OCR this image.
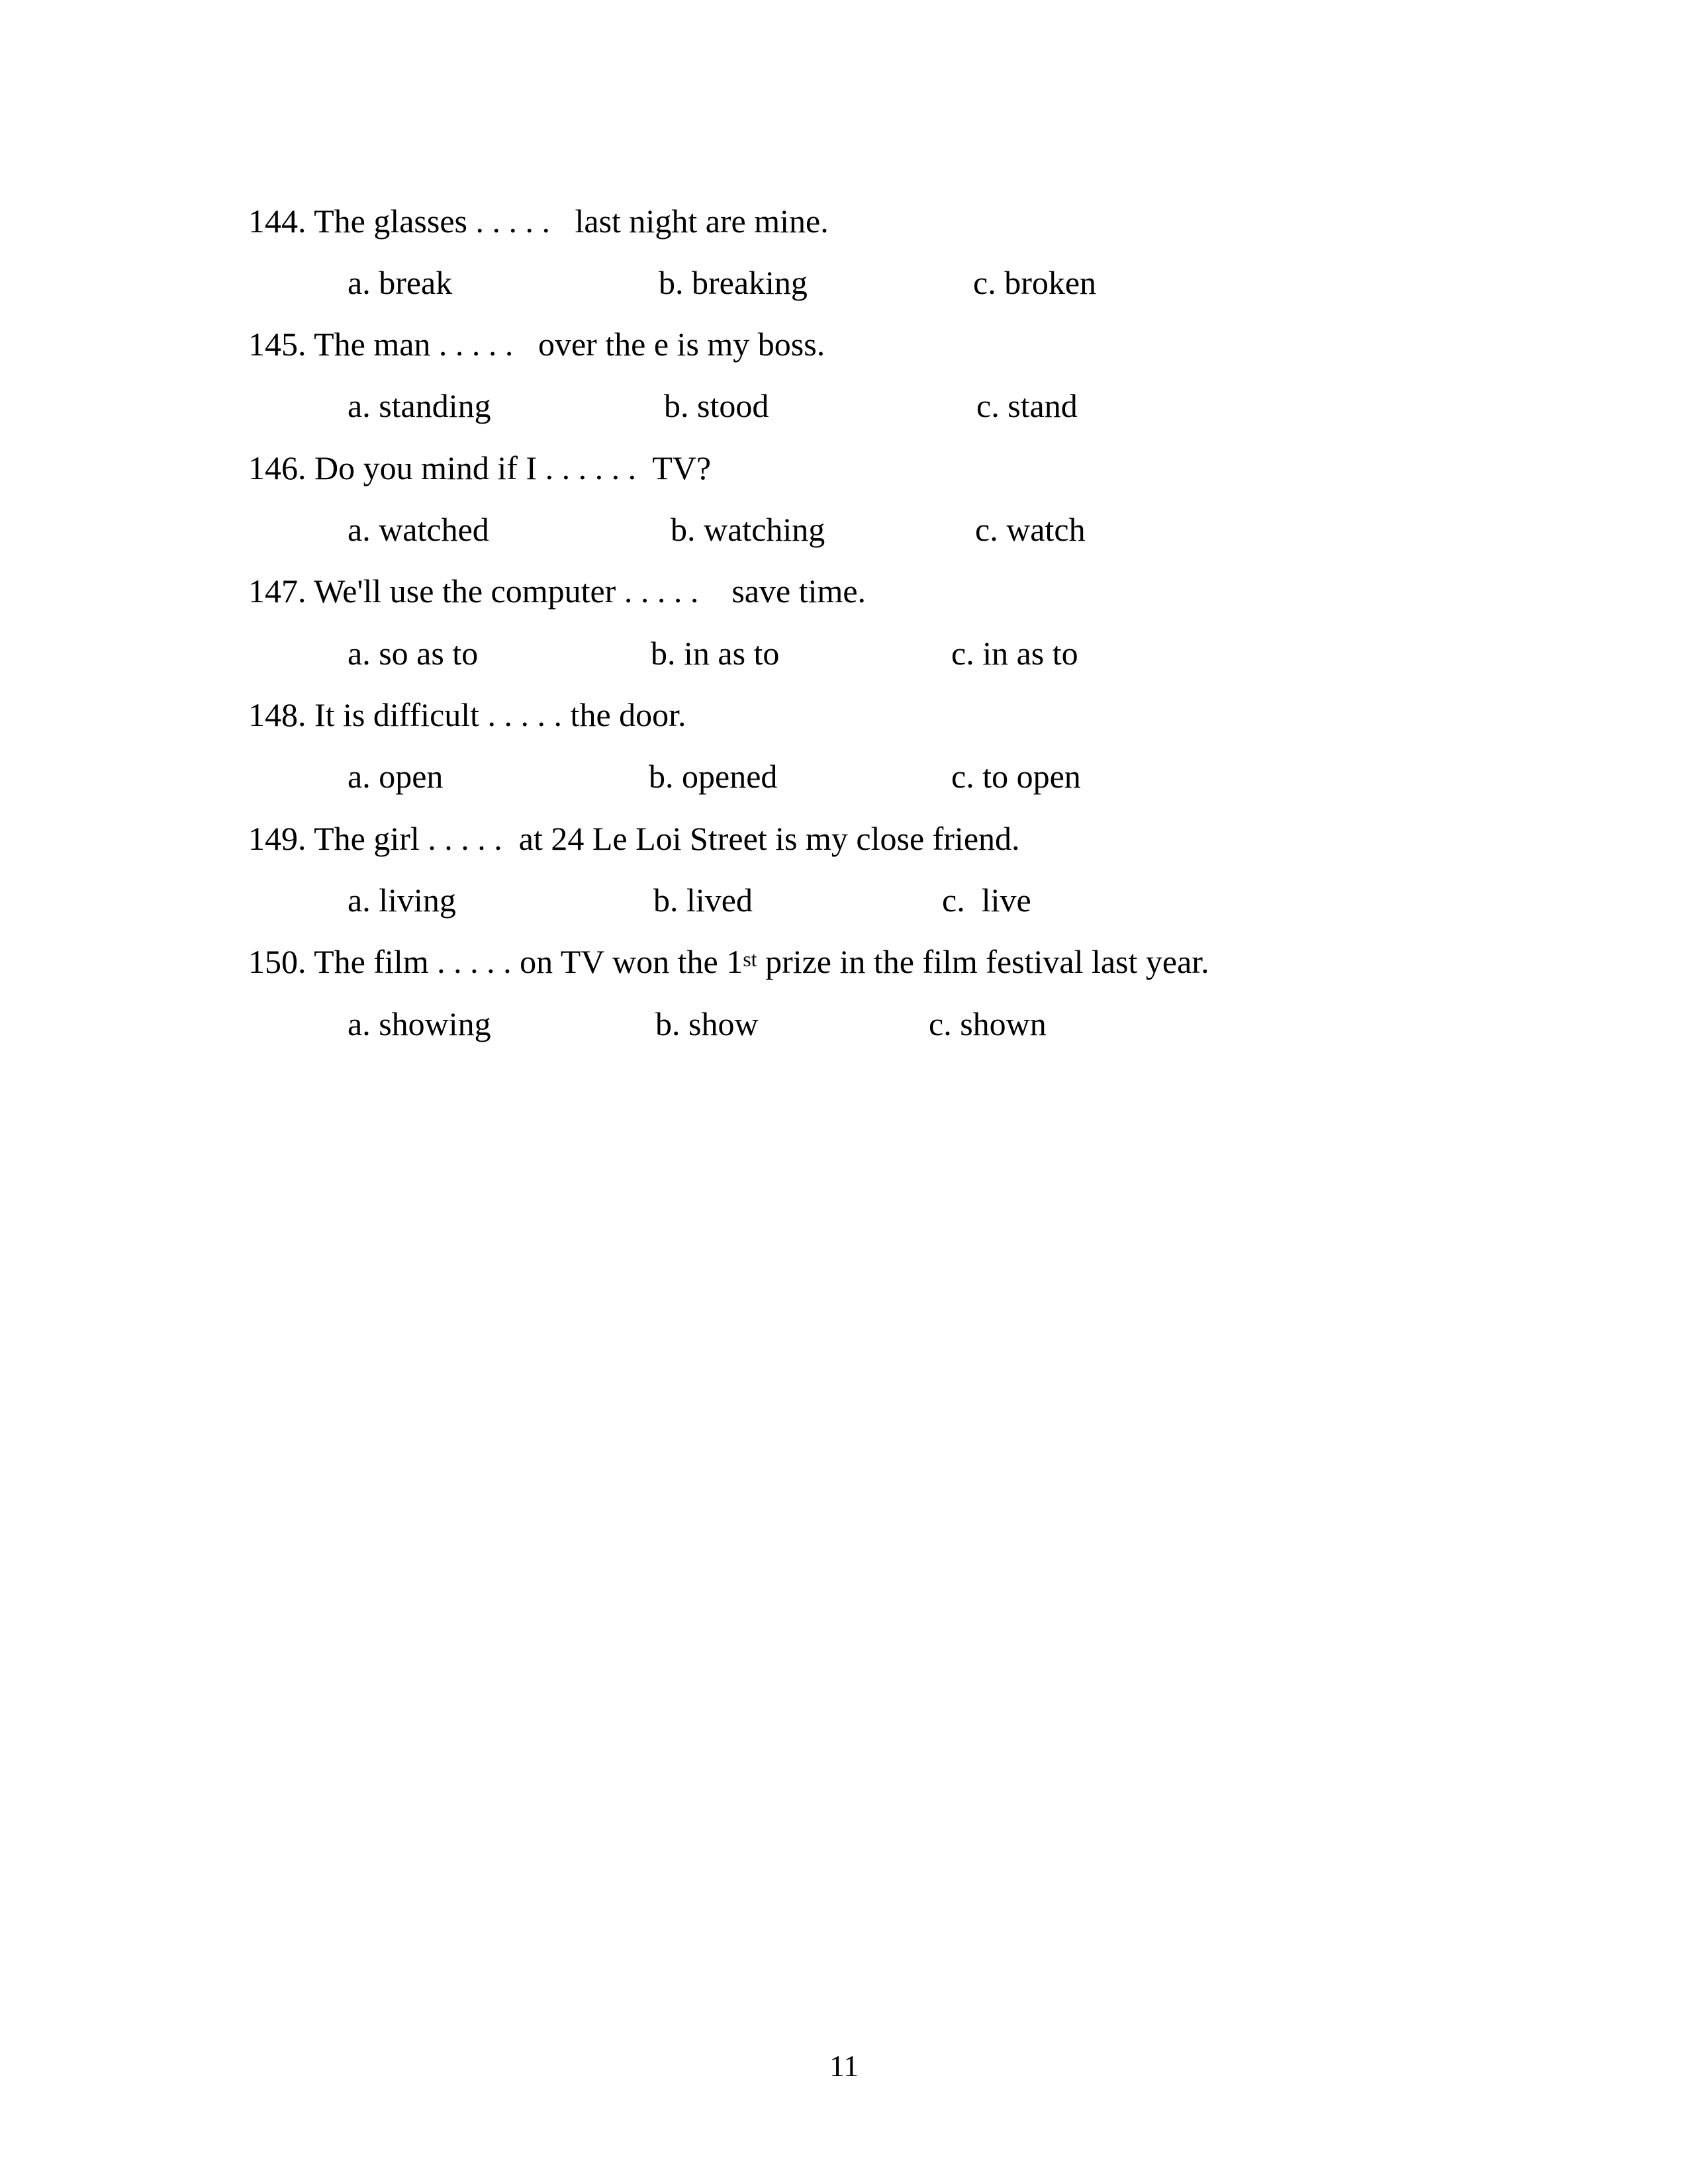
144. The glasses . . . . . last night are mine.

a. break

	b. breaking

	c. broken

145. The man . . . . . over the e is my boss.

a. standing

	b. stood

	c. stand

146. Do you mind if I . . . . . . TV?

a. watched

	b. watching

	c. watch

147. We'll use the computer . . . . . save time.

a. so as to

	b. in as to

	c. in as to

148. It is difficult . . . . . the door.

a. open

	b. opened

	c. to open

149. The girl . . . . . at 24 Le Loi Street is my close friend.

a. living

	b. lived

	c.  live

150. The film . . . . . on TV won the 1st prize in the film festival last year.

a. showing

	b. show

	c. shown

11
